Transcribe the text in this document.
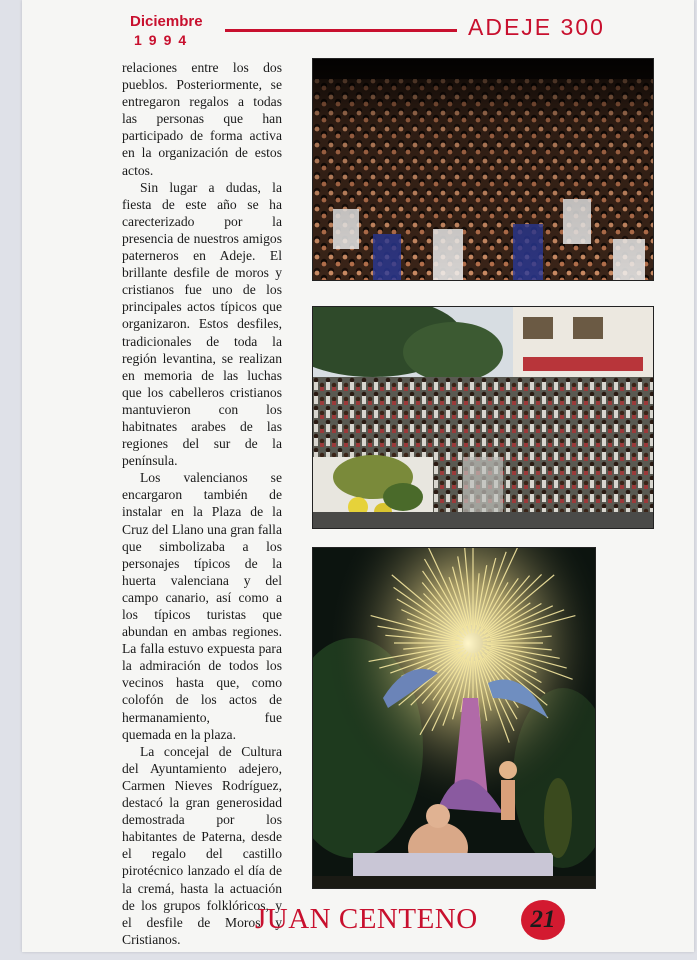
Diciembre
1994	ADEJE 300

relaciones entre los dos pueblos. Posteriormente, se entregaron regalos a todas las personas que han participado de forma activa en la organización de estos actos.

Sin lugar a dudas, la fiesta de este año se ha carecterizado por la presencia de nuestros amigos paterneros en Adeje. El brillante desfile de moros y cristianos fue uno de los principales actos típicos que organizaron. Estos desfiles, tradicionales de toda la región levantina, se realizan en memoria de las luchas que los cabelleros cristianos mantuvieron con los habitnates arabes de las regiones del sur de la península.

Los valencianos se encargaron también de instalar en la Plaza de la Cruz del Llano una gran falla que simbolizaba a los personajes típicos de la huerta valenciana y del campo canario, así como a los típicos turistas que abundan en ambas regiones. La falla estuvo expuesta para la admiración de todos los vecinos hasta que, como colofón de los actos de hermanamiento, fue quemada en la plaza.

La concejal de Cultura del Ayuntamiento adejero, Carmen Nieves Rodríguez, destacó la gran generosidad demostrada por los habitantes de Paterna, desde el regalo del castillo pirotécnico lanzado el día de la cremá, hasta la actuación de los grupos folklóricos, y el desfile de Moros y Cristianos.

JUAN CENTENO	21
